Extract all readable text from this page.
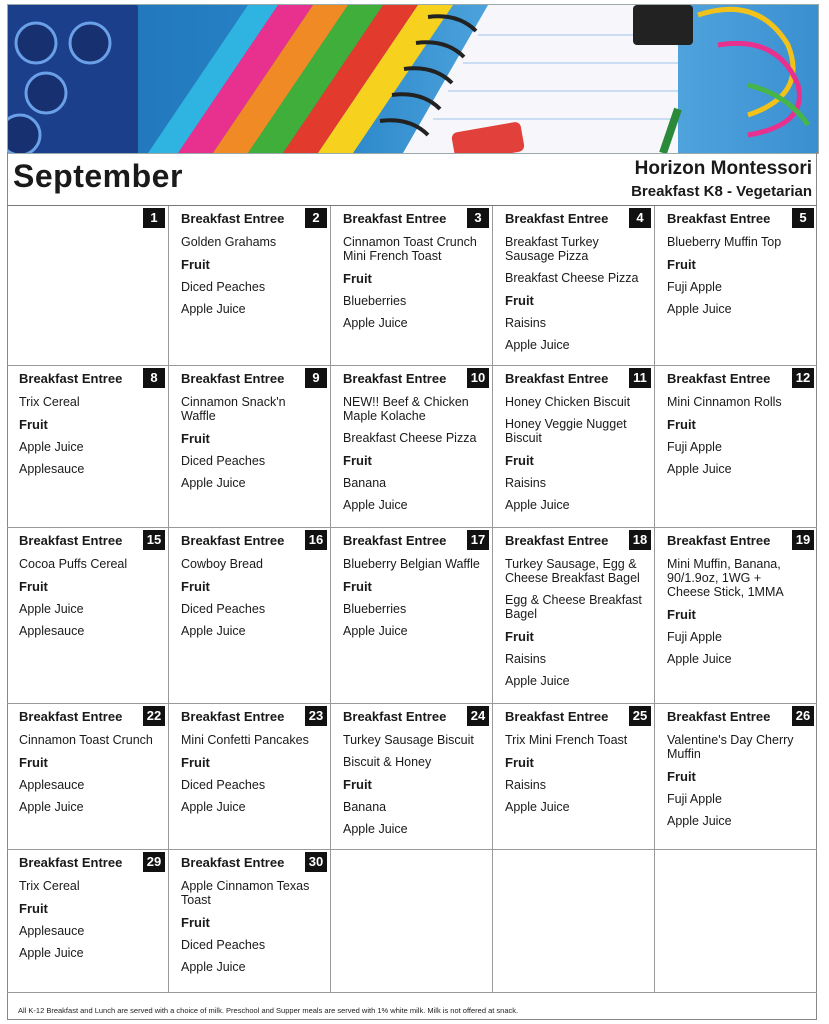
September	Horizon Montessori
Breakfast K8 - Vegetarian
1	2
Breakfast Entree
Golden Grahams
Fruit
Diced Peaches
Apple Juice
3
Breakfast Entree
Cinnamon Toast Crunch Mini French Toast
Fruit
Blueberries
Apple Juice
4
Breakfast Entree
Breakfast Turkey Sausage Pizza
Breakfast Cheese Pizza
Fruit
Raisins
Apple Juice
5
Breakfast Entree
Blueberry Muffin Top
Fruit
Fuji Apple
Apple Juice
8
Breakfast Entree
Trix Cereal
Fruit
Apple Juice
Applesauce
9
Breakfast Entree
Cinnamon Snack'n Waffle
Fruit
Diced Peaches
Apple Juice
10
Breakfast Entree
NEW!! Beef & Chicken Maple Kolache
Breakfast Cheese Pizza
Fruit
Banana
Apple Juice
11
Breakfast Entree
Honey Chicken Biscuit
Honey Veggie Nugget Biscuit
Fruit
Raisins
Apple Juice
12
Breakfast Entree
Mini Cinnamon Rolls
Fruit
Fuji Apple
Apple Juice
15
Breakfast Entree
Cocoa Puffs Cereal
Fruit
Apple Juice
Applesauce
16
Breakfast Entree
Cowboy Bread
Fruit
Diced Peaches
Apple Juice
17
Breakfast Entree
Blueberry Belgian Waffle
Fruit
Blueberries
Apple Juice
18
Breakfast Entree
Turkey Sausage, Egg & Cheese Breakfast Bagel
Egg & Cheese Breakfast Bagel
Fruit
Raisins
Apple Juice
19
Breakfast Entree
Mini Muffin, Banana, 90/1.9oz, 1WG + Cheese Stick, 1MMA
Fruit
Fuji Apple
Apple Juice
22
Breakfast Entree
Cinnamon Toast Crunch
Fruit
Applesauce
Apple Juice
23
Breakfast Entree
Mini Confetti Pancakes
Fruit
Diced Peaches
Apple Juice
24
Breakfast Entree
Turkey Sausage Biscuit
Biscuit & Honey
Fruit
Banana
Apple Juice
25
Breakfast Entree
Trix Mini French Toast
Fruit
Raisins
Apple Juice
26
Breakfast Entree
Valentine's Day Cherry Muffin
Fruit
Fuji Apple
Apple Juice
29
Breakfast Entree
Trix Cereal
Fruit
Applesauce
Apple Juice
30
Breakfast Entree
Apple Cinnamon Texas Toast
Fruit
Diced Peaches
Apple Juice
All K-12 Breakfast and Lunch are served with a choice of milk. Preschool and Supper meals are served with 1% white milk. Milk is not offered at snack.
